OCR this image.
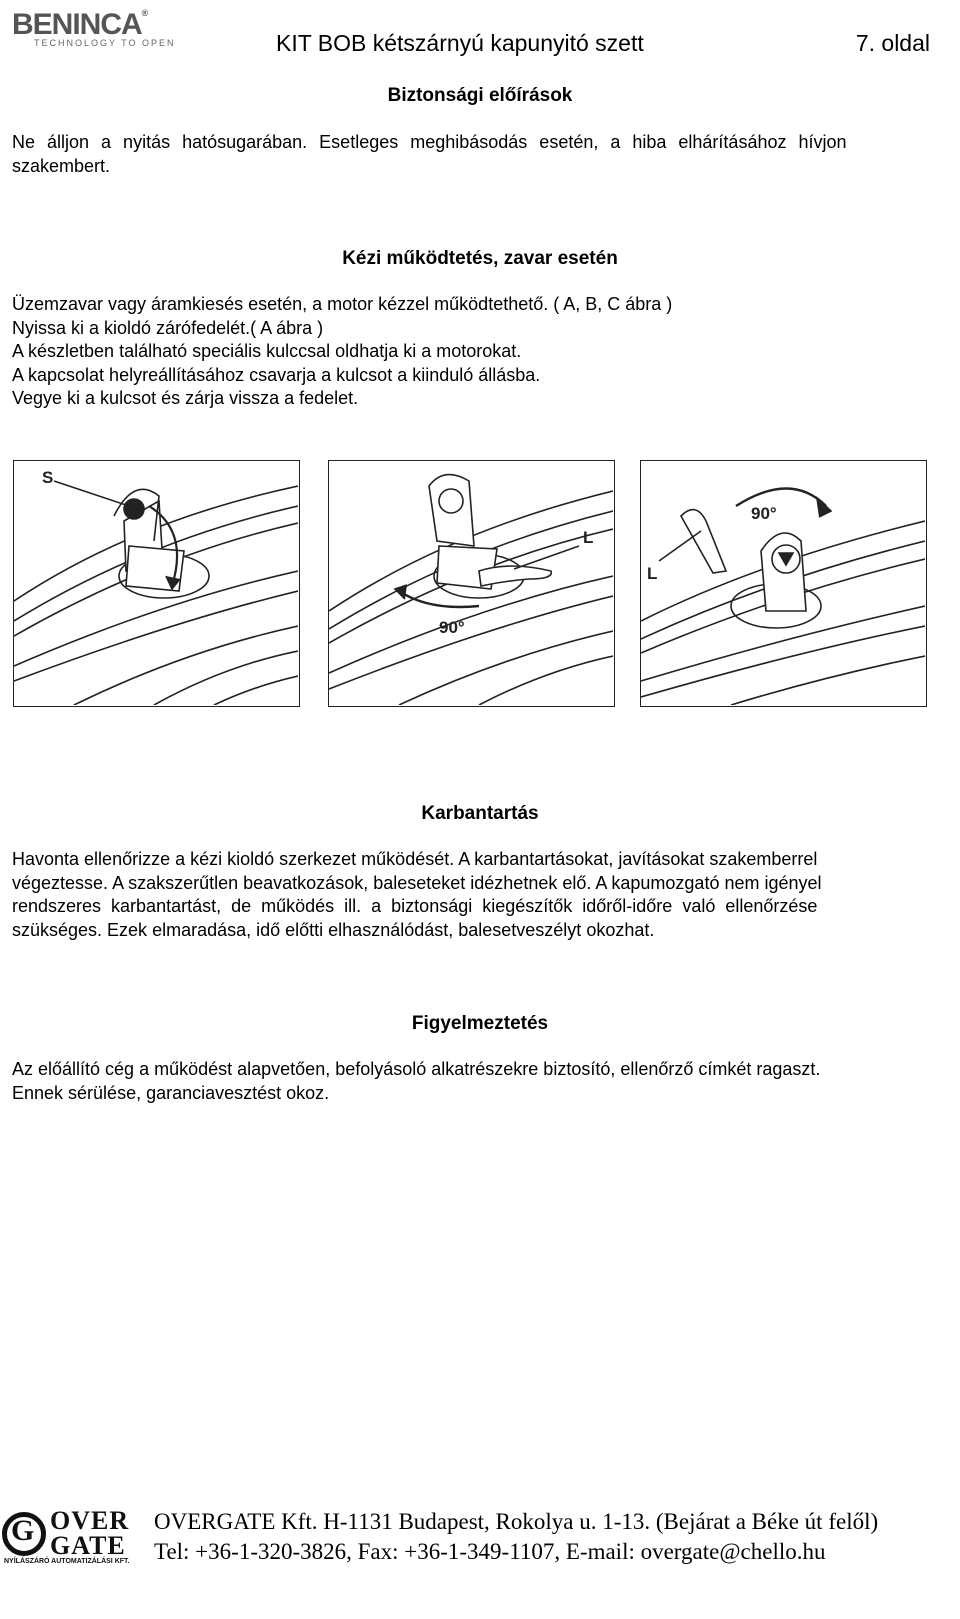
BENINCA®
TECHNOLOGY TO OPEN	KIT BOB kétszárnyú kapunyitó szett	7. oldal
Biztonsági előírások
Ne álljon a nyitás hatósugarában. Esetleges meghibásodás esetén, a hiba elhárításához hívjon
szakembert.
Kézi működtetés, zavar esetén
Üzemzavar vagy áramkiesés esetén, a motor kézzel működtethető. ( A, B, C ábra )
Nyissa ki a kioldó zárófedelét.( A ábra )
A készletben található speciális kulccsal oldhatja ki a motorokat.
A kapcsolat helyreállításához csavarja a kulcsot a kiinduló állásba.
Vegye ki a kulcsot és zárja vissza a fedelet.
S
L
90°
90°
L
Karbantartás
Havonta ellenőrizze a kézi kioldó szerkezet működését. A karbantartásokat, javításokat szakemberrel
végeztesse. A szakszerűtlen beavatkozások, baleseteket idézhetnek elő. A kapumozgató nem igényel
rendszeres karbantartást, de működés ill. a biztonsági kiegészítők időről-időre való ellenőrzése
szükséges. Ezek elmaradása, idő előtti elhasználódást, balesetveszélyt okozhat.
Figyelmeztetés
Az előállító cég a működést alapvetően, befolyásoló alkatrészekre biztosító, ellenőrző címkét ragaszt.
Ennek sérülése, garanciavesztést okoz.
G OVER
GATE
NYÍLÁSZÁRÓ AUTOMATIZÁLÁSI KFT.
OVERGATE Kft. H-1131 Budapest, Rokolya u. 1-13. (Bejárat a Béke út felől)
Tel: +36-1-320-3826, Fax: +36-1-349-1107, E-mail: overgate@chello.hu
